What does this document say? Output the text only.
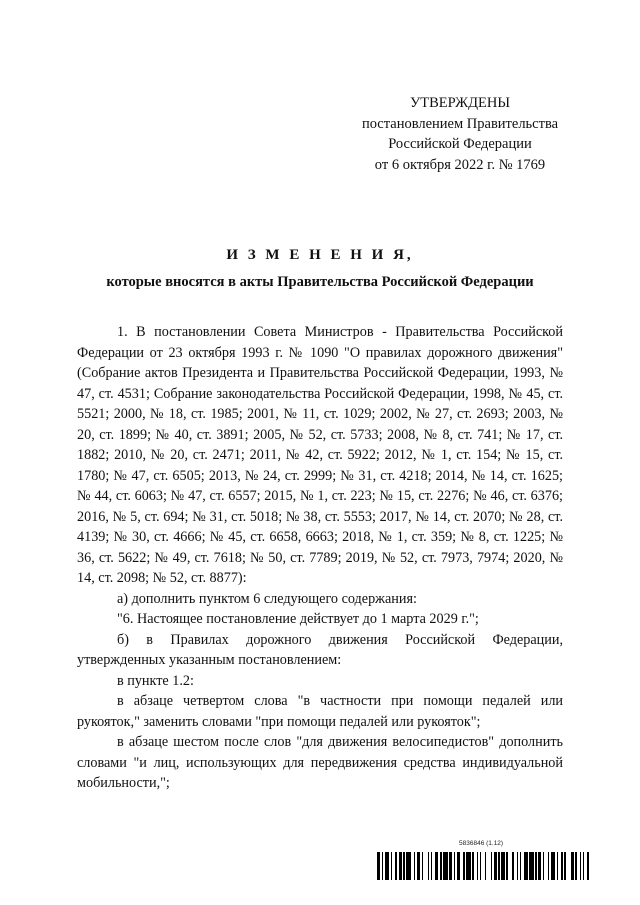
УТВЕРЖДЕНЫ
постановлением Правительства
Российской Федерации
от 6 октября 2022 г. № 1769
И З М Е Н Е Н И Я,
которые вносятся в акты Правительства Российской Федерации

1. В постановлении Совета Министров - Правительства Российской Федерации от 23 октября 1993 г. № 1090 "О правилах дорожного движения" (Собрание актов Президента и Правительства Российской Федерации, 1993, № 47, ст. 4531; Собрание законодательства Российской Федерации, 1998, № 45, ст. 5521; 2000, № 18, ст. 1985; 2001, № 11, ст. 1029; 2002, № 27, ст. 2693; 2003, № 20, ст. 1899; № 40, ст. 3891; 2005, № 52, ст. 5733; 2008, № 8, ст. 741; № 17, ст. 1882; 2010, № 20, ст. 2471; 2011, № 42, ст. 5922; 2012, № 1, ст. 154; № 15, ст. 1780; № 47, ст. 6505; 2013, № 24, ст. 2999; № 31, ст. 4218; 2014, № 14, ст. 1625; № 44, ст. 6063; № 47, ст. 6557; 2015, № 1, ст. 223; № 15, ст. 2276; № 46, ст. 6376; 2016, № 5, ст. 694; № 31, ст. 5018; № 38, ст. 5553; 2017, № 14, ст. 2070; № 28, ст. 4139; № 30, ст. 4666; № 45, ст. 6658, 6663; 2018, № 1, ст. 359; № 8, ст. 1225; № 36, ст. 5622; № 49, ст. 7618; № 50, ст. 7789; 2019, № 52, ст. 7973, 7974; 2020, № 14, ст. 2098; № 52, ст. 8877):

а) дополнить пунктом 6 следующего содержания:

"6. Настоящее постановление действует до 1 марта 2029 г.";

б) в Правилах дорожного движения Российской Федерации, утвержденных указанным постановлением:

в пункте 1.2:

в абзаце четвертом слова "в частности при помощи педалей или рукояток," заменить словами "при помощи педалей или рукояток";

в абзаце шестом после слов "для движения велосипедистов" дополнить словами "и лиц, использующих для передвижения средства индивидуальной мобильности,";

5836846 (1.12)
